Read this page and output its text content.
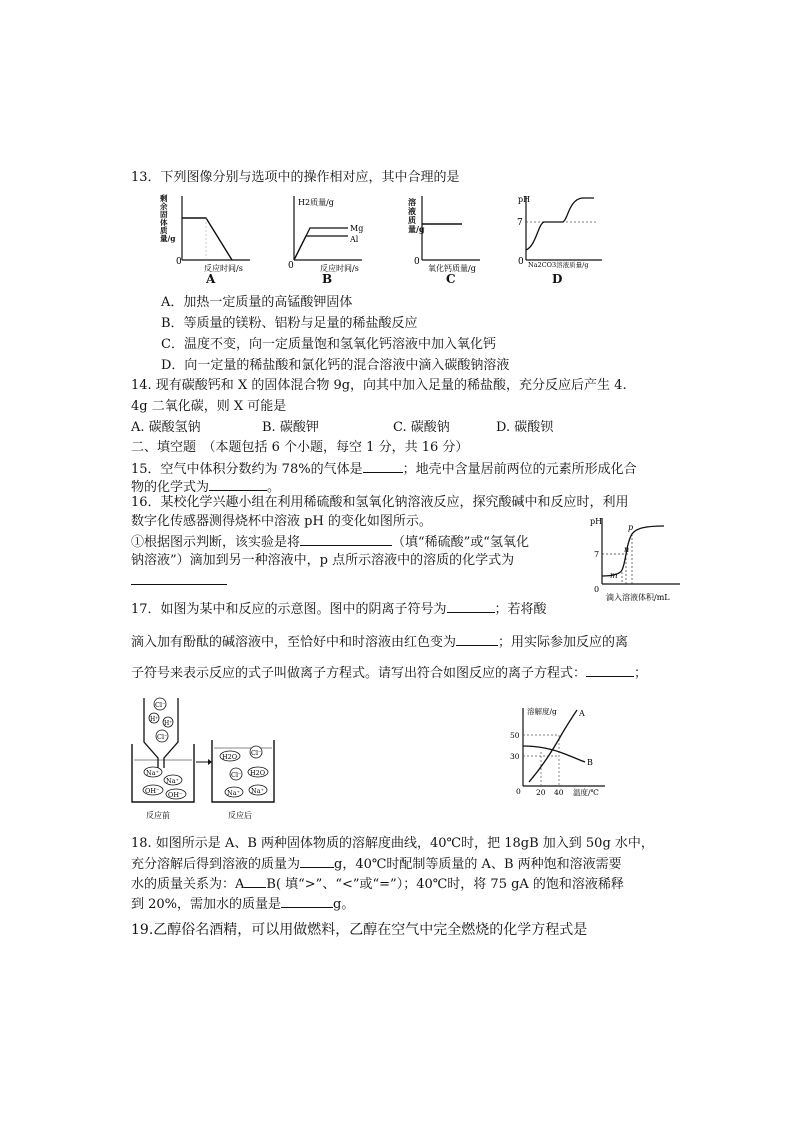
13．下列图像分别与选项中的操作相对应，其中合理的是
0
反应时间/s
剩余固体质量/g
A
H2质量/g
Mg
Al
0	反应时间/s
B
0
氧化钙质量/g
溶液质量/g
C
pH
7
0 Na2CO3溶液质量/g
D
A．加热一定质量的高锰酸钾固体
B．等质量的镁粉、铝粉与足量的稀盐酸反应
C．温度不变，向一定质量饱和氢氧化钙溶液中加入氧化钙
D．向一定量的稀盐酸和氯化钙的混合溶液中滴入碳酸钠溶液
14. 现有碳酸钙和 X 的固体混合物 9g，向其中加入足量的稀盐酸，充分反应后产生 4.
4g 二氧化碳，则 X 可能是
A. 碳酸氢钠	B. 碳酸钾	C. 碳酸钠	D. 碳酸钡
二、填空题　（本题包括 6 个小题，每空 1 分，共 16 分）
15．空气中体积分数约为 78%的气体是	；地壳中含量居前两位的元素所形成化合
物的化学式为	。
16．某校化学兴趣小组在利用稀硫酸和氢氧化钠溶液反应，探究酸碱中和反应时，利用
数字化传感器测得烧杯中溶液 pH 的变化如图所示。
①根据图示判断，该实验是将	（填“稀硫酸”或“氢氧化
钠溶液”）滴加到另一种溶液中，p 点所示溶液中的溶质的化学式为
pH
7
0
m
n
p
滴入溶液体积/mL
17．如图为某中和反应的示意图。图中的阴离子符号为	；若将酸
滴入加有酚酞的碱溶液中，至恰好中和时溶液由红色变为	；用实际参加反应的离
子符号来表示反应的式子叫做离子方程式。请写出符合如图反应的离子方程式：	；
Cl⁻
H⁺
H⁺
Cl⁻
Na⁺
Na⁺
OH⁻ OH⁻
H2O Cl⁻
Cl⁻ H2O
Na⁺ Na⁺
反应前	反应后
溶解度/g	A
B
50
30
0 20 40 温度/℃
18. 如图所示是 A、B 两种固体物质的溶解度曲线，40℃时，把 18gB 加入到 50g 水中，
充分溶解后得到溶液的质量为	g，40℃时配制等质量的 A、B 两种饱和溶液需要
水的质量关系为：A B( 填“>”、“<”或“=”）；40℃时，将 75 gA 的饱和溶液稀释
到 20%，需加水的质量是	g。
19.乙醇俗名酒精，可以用做燃料，乙醇在空气中完全燃烧的化学方程式是
